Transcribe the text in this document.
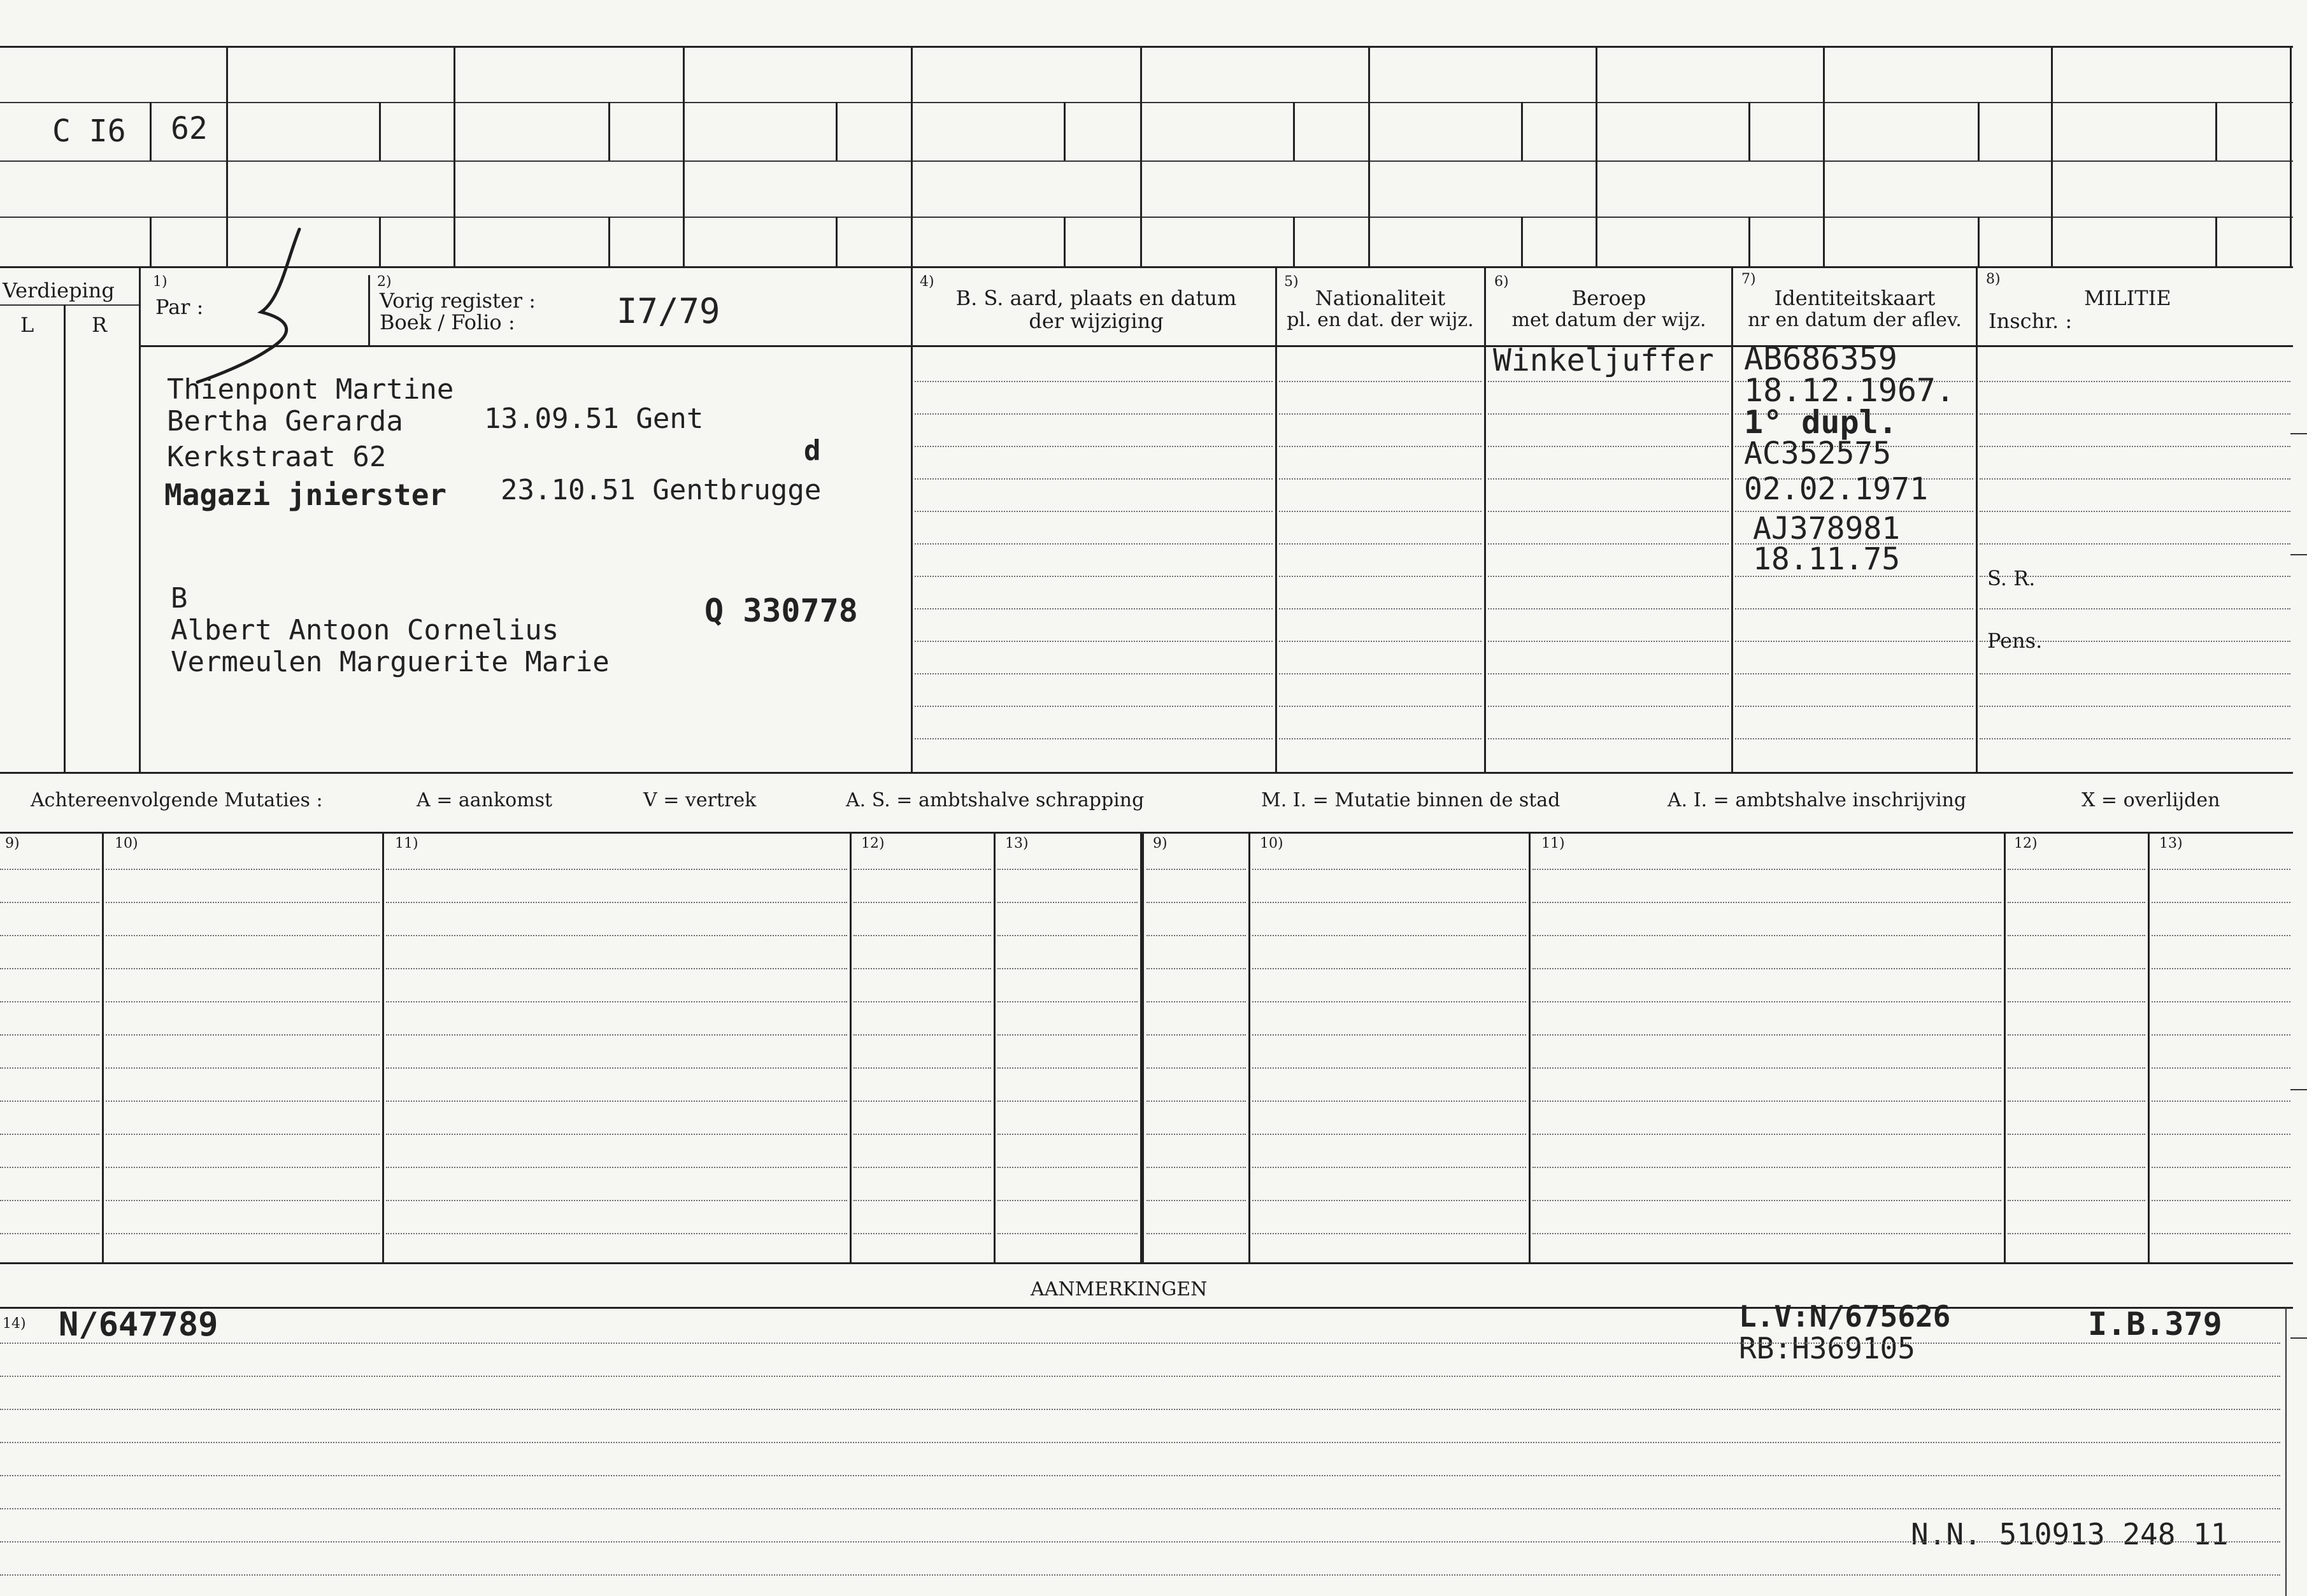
C I6 62
Verdieping
L	R
1)
Par :
2)
Vorig register :
Boek / Folio :	I7/79
4)
B. S. aard, plaats en datum
der wijziging
5)
Nationaliteit
pl. en dat. der wijz.
6)
Beroep
met datum der wijz.
7)
Identiteitskaart
nr en datum der aflev.
8)
MILITIE
Inschr. :
Thienpont Martine
Bertha Gerarda	13.09.51 Gent
Kerkstraat 62	d
Magazi jnierster 23.10.51 Gentbrugge
B
Albert Antoon Cornelius
Vermeulen Marguerite Marie
Q 330778
Winkeljuffer AB686359
18.12.1967.
1° dupl.
AC352575
02.02.1971
AJ378981
18.11.75
S. R.
Pens.
Achtereenvolgende Mutaties :	A = aankomst	V = vertrek	A. S. = ambtshalve schrapping	M. I. = Mutatie binnen de stad	A. I. = ambtshalve inschrijving	X = overlijden
9)	10)	11)	12)	13)	9)	10)	11)	12)	13)
AANMERKINGEN
14) N/647789	L.V:N/675626
RB:H369105
I.B.379
N.N. 510913 248 11
